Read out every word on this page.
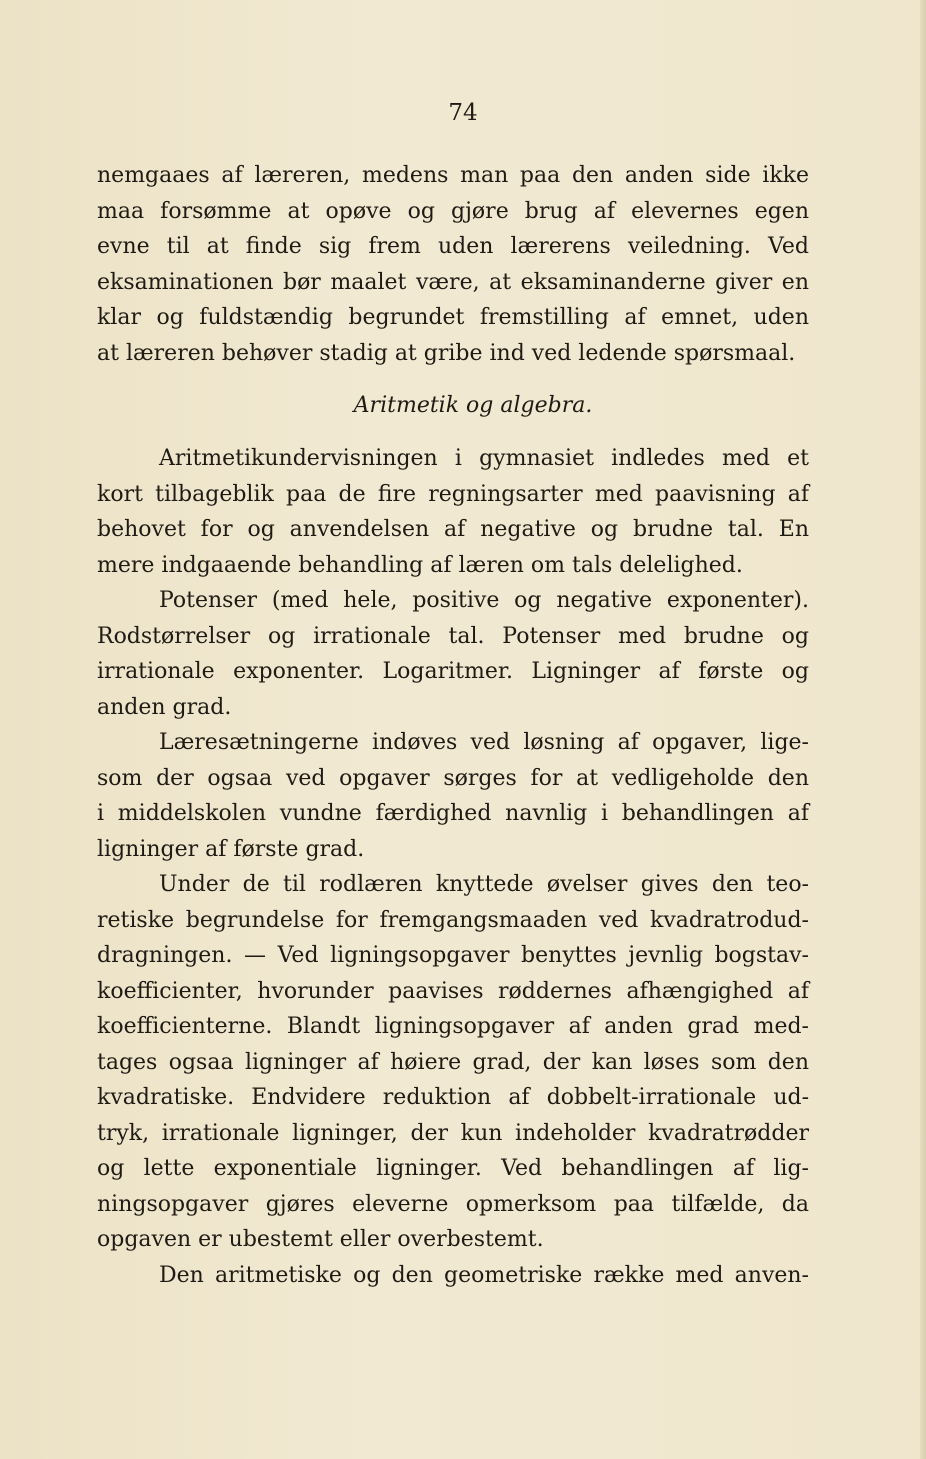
74
nemgaaes af læreren, medens man paa den anden side ikke
maa forsømme at opøve og gjøre brug af elevernes egen
evne til at finde sig frem uden lærerens veiledning. Ved
eksaminationen bør maalet være, at eksaminanderne giver en
klar og fuldstændig begrundet fremstilling af emnet, uden
at læreren behøver stadig at gribe ind ved ledende spørsmaal.
Aritmetik og algebra.
Aritmetikundervisningen i gymnasiet indledes med et
kort tilbageblik paa de fire regningsarter med paavisning af
behovet for og anvendelsen af negative og brudne tal. En
mere indgaaende behandling af læren om tals delelighed.
Potenser (med hele, positive og negative exponenter).
Rodstørrelser og irrationale tal. Potenser med brudne og
irrationale exponenter. Logaritmer. Ligninger af første og
anden grad.
Læresætningerne indøves ved løsning af opgaver, lige-
som der ogsaa ved opgaver sørges for at vedligeholde den
i middelskolen vundne færdighed navnlig i behandlingen af
ligninger af første grad.
Under de til rodlæren knyttede øvelser gives den teo-
retiske begrundelse for fremgangsmaaden ved kvadratrodud-
dragningen. — Ved ligningsopgaver benyttes jevnlig bogstav-
koefficienter, hvorunder paavises røddernes afhængighed af
koefficienterne. Blandt ligningsopgaver af anden grad med-
tages ogsaa ligninger af høiere grad, der kan løses som den
kvadratiske. Endvidere reduktion af dobbelt-irrationale ud-
tryk, irrationale ligninger, der kun indeholder kvadratrødder
og lette exponentiale ligninger. Ved behandlingen af lig-
ningsopgaver gjøres eleverne opmerksom paa tilfælde, da
opgaven er ubestemt eller overbestemt.
Den aritmetiske og den geometriske række med anven-
